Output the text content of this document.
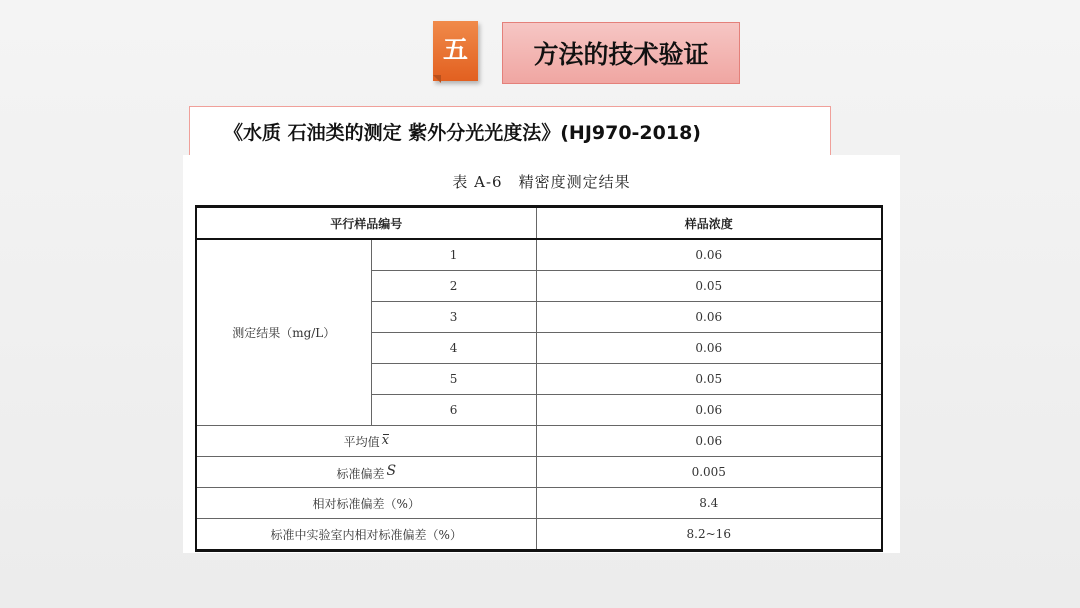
五	方法的技术验证
《水质 石油类的测定 紫外分光光度法》(HJ970-2018)
表 A-6　精密度测定结果
平行样品编号		样品浓度
测定结果（mg/L）	1	0.06
	2	0.05
	3	0.06
	4	0.06
	5	0.05
	6	0.06
平均值 x		0.06
标准偏差 S		0.005
相对标准偏差（%）		8.4
标准中实验室内相对标准偏差（%）		8.2~16
